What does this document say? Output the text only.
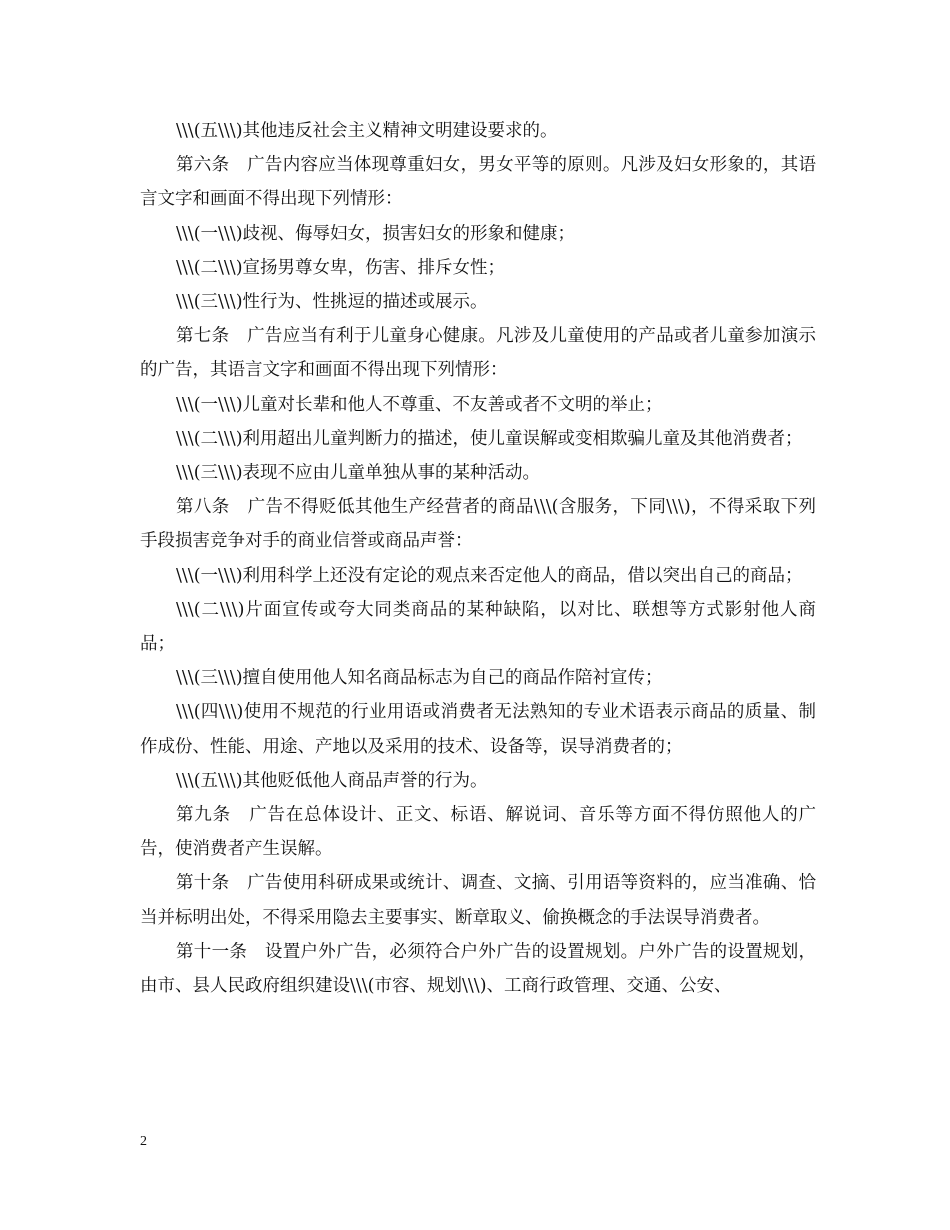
\\\(五\\\)其他违反社会主义精神文明建设要求的。

第六条　广告内容应当体现尊重妇女，男女平等的原则。凡涉及妇女形象的，其语言文字和画面不得出现下列情形：

\\\(一\\\)歧视、侮辱妇女，损害妇女的形象和健康；

\\\(二\\\)宣扬男尊女卑，伤害、排斥女性；

\\\(三\\\)性行为、性挑逗的描述或展示。

第七条　广告应当有利于儿童身心健康。凡涉及儿童使用的产品或者儿童参加演示的广告，其语言文字和画面不得出现下列情形：

\\\(一\\\)儿童对长辈和他人不尊重、不友善或者不文明的举止；

\\\(二\\\)利用超出儿童判断力的描述，使儿童误解或变相欺骗儿童及其他消费者；

\\\(三\\\)表现不应由儿童单独从事的某种活动。

第八条　广告不得贬低其他生产经营者的商品\\\(含服务，下同\\\)，不得采取下列手段损害竞争对手的商业信誉或商品声誉：

\\\(一\\\)利用科学上还没有定论的观点来否定他人的商品，借以突出自己的商品；

\\\(二\\\)片面宣传或夸大同类商品的某种缺陷，以对比、联想等方式影射他人商品；

\\\(三\\\)擅自使用他人知名商品标志为自己的商品作陪衬宣传；

\\\(四\\\)使用不规范的行业用语或消费者无法熟知的专业术语表示商品的质量、制作成份、性能、用途、产地以及采用的技术、设备等，误导消费者的；

\\\(五\\\)其他贬低他人商品声誉的行为。

第九条　广告在总体设计、正文、标语、解说词、音乐等方面不得仿照他人的广告，使消费者产生误解。

第十条　广告使用科研成果或统计、调查、文摘、引用语等资料的，应当准确、恰当并标明出处，不得采用隐去主要事实、断章取义、偷换概念的手法误导消费者。

第十一条　设置户外广告，必须符合户外广告的设置规划。户外广告的设置规划，由市、县人民政府组织建设\\\(市容、规划\\\)、工商行政管理、交通、公安、

2
